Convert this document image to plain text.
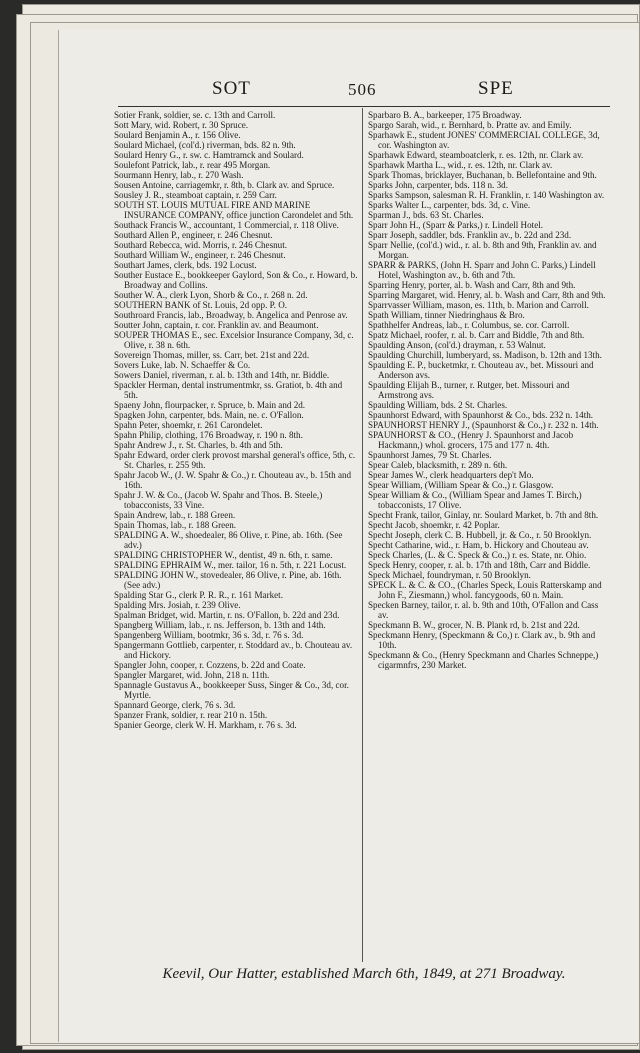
SOT	506	SPE

Sotier Frank, soldier, se. c. 13th and Carroll.

Sott Mary, wid. Robert, r. 30 Spruce.

Soulard Benjamin A., r. 156 Olive.

Soulard Michael, (col'd.) riverman, bds. 82 n. 9th.

Soulard Henry G., r. sw. c. Hamtramck and Soulard.

Soulefont Patrick, lab., r. rear 495 Morgan.

Sourmann Henry, lab., r. 270 Wash.

Sousen Antoine, carriagemkr, r. 8th, b. Clark av. and Spruce.

Sousley J. R., steamboat captain, r. 259 Carr.

SOUTH ST. LOUIS MUTUAL FIRE AND MARINE INSURANCE COMPANY, office junction Carondelet and 5th.

Southack Francis W., accountant, 1 Commercial, r. 118 Olive.

Southard Allen P., engineer, r. 246 Chesnut.

Southard Rebecca, wid. Morris, r. 246 Chesnut.

Southard William W., engineer, r. 246 Chesnut.

Southart James, clerk, bds. 192 Locust.

Souther Eustace E., bookkeeper Gaylord, Son & Co., r. Howard, b. Broadway and Collins.

Souther W. A., clerk Lyon, Shorb & Co., r. 268 n. 2d.

SOUTHERN BANK of St. Louis, 2d opp. P. O.

Southroard Francis, lab., Broadway, b. Angelica and Penrose av.

Soutter John, captain, r. cor. Franklin av. and Beaumont.

SOUPER THOMAS E., sec. Excelsior Insurance Company, 3d, c. Olive, r. 38 n. 6th.

Sovereign Thomas, miller, ss. Carr, bet. 21st and 22d.

Sovers Luke, lab. N. Schaeffer & Co.

Sowers Daniel, riverman, r. al. b. 13th and 14th, nr. Biddle.

Spackler Herman, dental instrumentmkr, ss. Gratiot, b. 4th and 5th.

Spaeny John, flourpacker, r. Spruce, b. Main and 2d.

Spagken John, carpenter, bds. Main, ne. c. O'Fallon.

Spahn Peter, shoemkr, r. 261 Carondelet.

Spahn Philip, clothing, 176 Broadway, r. 190 n. 8th.

Spahr Andrew J., r. St. Charles, b. 4th and 5th.

Spahr Edward, order clerk provost marshal general's office, 5th, c. St. Charles, r. 255 9th.

Spahr Jacob W., (J. W. Spahr & Co.,) r. Chouteau av., b. 15th and 16th.

Spahr J. W. & Co., (Jacob W. Spahr and Thos. B. Steele,) tobacconists, 33 Vine.

Spain Andrew, lab., r. 188 Green.

Spain Thomas, lab., r. 188 Green.

SPALDING A. W., shoedealer, 86 Olive, r. Pine, ab. 16th. (See adv.)

SPALDING CHRISTOPHER W., dentist, 49 n. 6th, r. same.

SPALDING EPHRAIM W., mer. tailor, 16 n. 5th, r. 221 Locust.

SPALDING JOHN W., stovedealer, 86 Olive, r. Pine, ab. 16th. (See adv.)

Spalding Star G., clerk P. R. R., r. 161 Market.

Spalding Mrs. Josiah, r. 239 Olive.

Spalman Bridget, wid. Martin, r. ns. O'Fallon, b. 22d and 23d.

Spangberg William, lab., r. ns. Jefferson, b. 13th and 14th.

Spangenberg William, bootmkr, 36 s. 3d, r. 76 s. 3d.

Spangermann Gottlieb, carpenter, r. Stoddard av., b. Chouteau av. and Hickory.

Spangler John, cooper, r. Cozzens, b. 22d and Coate.

Spangler Margaret, wid. John, 218 n. 11th.

Spannagle Gustavus A., bookkeeper Suss, Singer & Co., 3d, cor. Myrtle.

Spannard George, clerk, 76 s. 3d.

Spanzer Frank, soldier, r. rear 210 n. 15th.

Spanier George, clerk W. H. Markham, r. 76 s. 3d.

Sparbaro B. A., barkeeper, 175 Broadway.

Spargo Sarah, wid., r. Bernhard, b. Pratte av. and Emily.

Sparhawk E., student JONES' COMMERCIAL COLLEGE, 3d, cor. Washington av.

Sparhawk Edward, steamboatclerk, r. es. 12th, nr. Clark av.

Sparhawk Martha L., wid., r. es. 12th, nr. Clark av.

Spark Thomas, bricklayer, Buchanan, b. Bellefontaine and 9th.

Sparks John, carpenter, bds. 118 n. 3d.

Sparks Sampson, salesman R. H. Franklin, r. 140 Washington av.

Sparks Walter L., carpenter, bds. 3d, c. Vine.

Sparman J., bds. 63 St. Charles.

Sparr John H., (Sparr & Parks,) r. Lindell Hotel.

Sparr Joseph, saddler, bds. Franklin av., b. 22d and 23d.

Sparr Nellie, (col'd.) wid., r. al. b. 8th and 9th, Franklin av. and Morgan.

SPARR & PARKS, (John H. Sparr and John C. Parks,) Lindell Hotel, Washington av., b. 6th and 7th.

Sparring Henry, porter, al. b. Wash and Carr, 8th and 9th.

Sparring Margaret, wid. Henry, al. b. Wash and Carr, 8th and 9th.

Sparrvasser William, mason, es. 11th, b. Marion and Carroll.

Spath William, tinner Niedringhaus & Bro.

Spathhelfer Andreas, lab., r. Columbus, se. cor. Carroll.

Spatz Michael, roofer, r. al. b. Carr and Biddle, 7th and 8th.

Spaulding Anson, (col'd.) drayman, r. 53 Walnut.

Spaulding Churchill, lumberyard, ss. Madison, b. 12th and 13th.

Spaulding E. P., bucketmkr, r. Chouteau av., bet. Missouri and Anderson avs.

Spaulding Elijah B., turner, r. Rutger, bet. Missouri and Armstrong avs.

Spaulding William, bds. 2 St. Charles.

Spaunhorst Edward, with Spaunhorst & Co., bds. 232 n. 14th.

SPAUNHORST HENRY J., (Spaunhorst & Co.,) r. 232 n. 14th.

SPAUNHORST & CO., (Henry J. Spaunhorst and Jacob Hackmann,) whol. grocers, 175 and 177 n. 4th.

Spaunhorst James, 79 St. Charles.

Spear Caleb, blacksmith, r. 289 n. 6th.

Spear James W., clerk headquarters dep't Mo.

Spear William, (William Spear & Co.,) r. Glasgow.

Spear William & Co., (William Spear and James T. Birch,) tobacconists, 17 Olive.

Specht Frank, tailor, Ginlay, nr. Soulard Market, b. 7th and 8th.

Specht Jacob, shoemkr, r. 42 Poplar.

Specht Joseph, clerk C. B. Hubbell, jr. & Co., r. 50 Brooklyn.

Specht Catharine, wid., r. Ham, b. Hickory and Chouteau av.

Speck Charles, (L. & C. Speck & Co.,) r. es. State, nr. Ohio.

Speck Henry, cooper, r. al. b. 17th and 18th, Carr and Biddle.

Speck Michael, foundryman, r. 50 Brooklyn.

SPECK L. & C. & CO., (Charles Speck, Louis Ratterskamp and John F., Ziesmann,) whol. fancygoods, 60 n. Main.

Specken Barney, tailor, r. al. b. 9th and 10th, O'Fallon and Cass av.

Speckmann B. W., grocer, N. B. Plank rd, b. 21st and 22d.

Speckmann Henry, (Speckmann & Co,) r. Clark av., b. 9th and 10th.

Speckmann & Co., (Henry Speckmann and Charles Schneppe,) cigarmnfrs, 230 Market.

Keevil, Our Hatter, established March 6th, 1849, at 271 Broadway.
